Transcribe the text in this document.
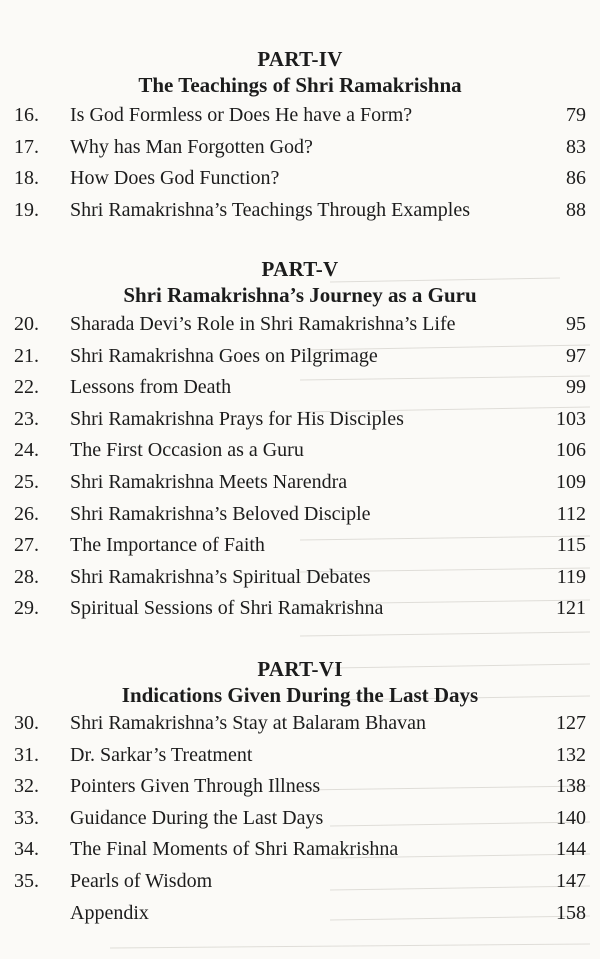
PART-IV

The Teachings of Shri Ramakrishna

16.	Is God Formless or Does He have a Form?	79
17.	Why has Man Forgotten God?	83
18.	How Does God Function?	86
19.	Shri Ramakrishna’s Teachings Through Examples	88

PART-V

Shri Ramakrishna’s Journey as a Guru

20.	Sharada Devi’s Role in Shri Ramakrishna’s Life	95
21.	Shri Ramakrishna Goes on Pilgrimage	97
22.	Lessons from Death	99
23.	Shri Ramakrishna Prays for His Disciples	103
24.	The First Occasion as a Guru	106
25.	Shri Ramakrishna Meets Narendra	109
26.	Shri Ramakrishna’s Beloved Disciple	112
27.	The Importance of Faith	115
28.	Shri Ramakrishna’s Spiritual Debates	119
29.	Spiritual Sessions of Shri Ramakrishna	121

PART-VI

Indications Given During the Last Days

30.	Shri Ramakrishna’s Stay at Balaram Bhavan	127
31.	Dr. Sarkar’s Treatment	132
32.	Pointers Given Through Illness	138
33.	Guidance During the Last Days	140
34.	The Final Moments of Shri Ramakrishna	144
35.	Pearls of Wisdom	147
Appendix	158
